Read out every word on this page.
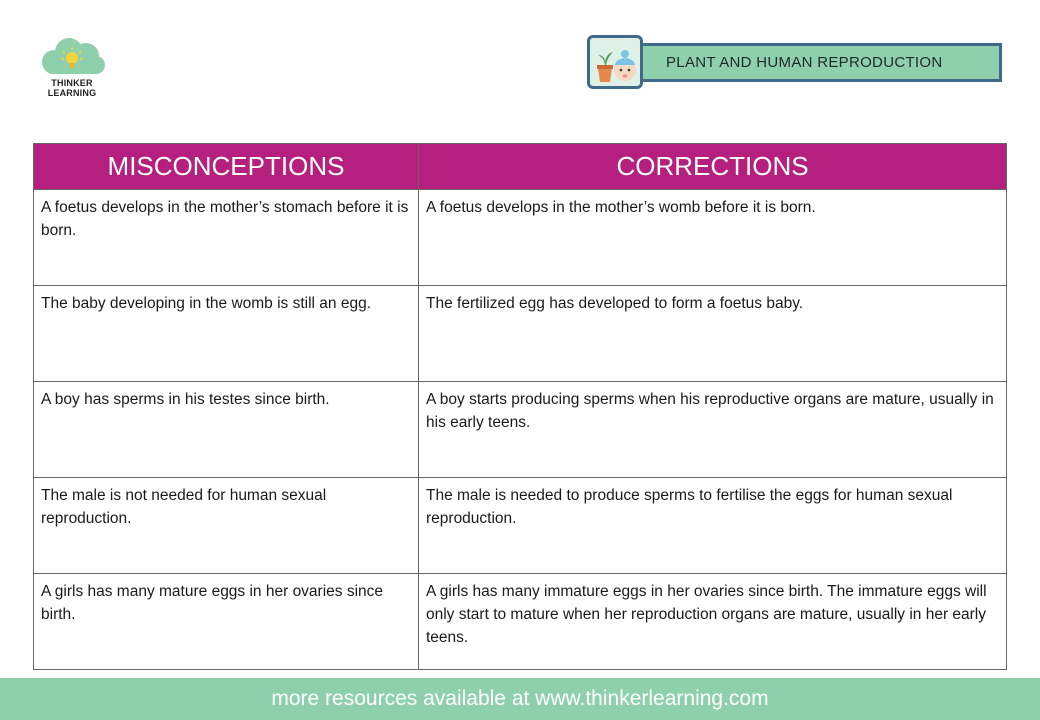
THINKER
LEARNING
PLANT AND HUMAN REPRODUCTION
MISCONCEPTIONS	CORRECTIONS
A foetus develops in the mother’s stomach before it is born.	A foetus develops in the mother’s womb before it is born.
The baby developing in the womb is still an egg.	The fertilized egg has developed to form a foetus baby.
A boy has sperms in his testes since birth.	A boy starts producing sperms when his reproductive organs are mature, usually in his early teens.
The male is not needed for human sexual reproduction.	The male is needed to produce sperms to fertilise the eggs for human sexual reproduction.
A girls has many mature eggs in her ovaries since birth.	A girls has many immature eggs in her ovaries since birth. The immature eggs will only start to mature when her reproduction organs are mature, usually in her early teens.
more resources available at www.thinkerlearning.com
